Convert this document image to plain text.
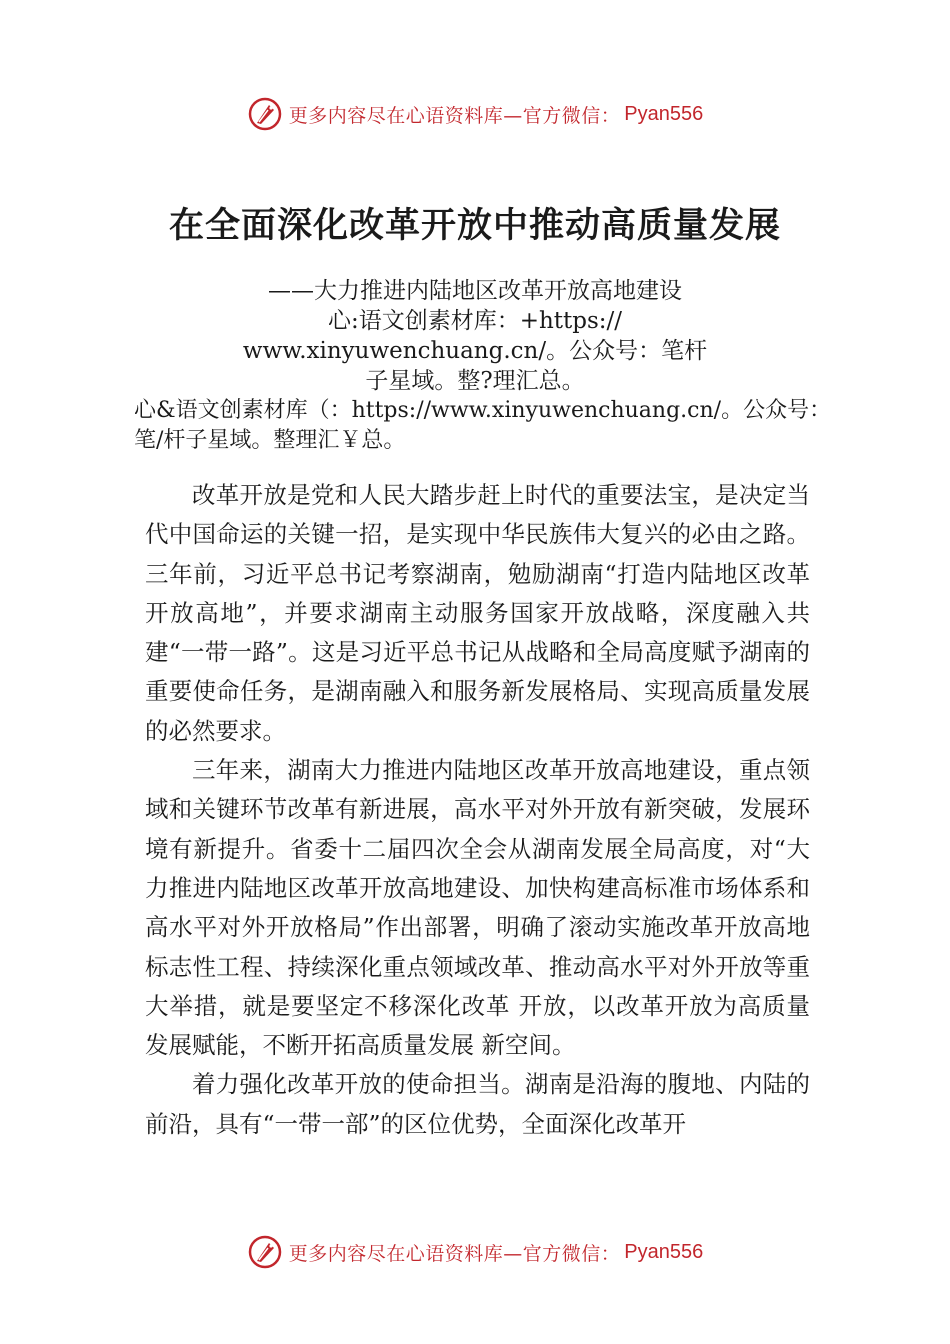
更多内容尽在心语资料库—官方微信： Pyan556
在全面深化改革开放中推动高质量发展
——大力推进内陆地区改革开放高地建设
心:语文创素材库：+https://
www.xinyuwenchuang.cn/。公众号：笔杆
子星域。整?理汇总。
心&语文创素材库（：https://www.xinyuwenchuang.cn/。公众号：笔/杆子星域。整理汇￥总。

改革开放是党和人民大踏步赶上时代的重要法宝，是决定当代中国命运的关键一招，是实现中华民族伟大复兴的必由之路。三年前，习近平总书记考察湖南，勉励湖南“打造内陆地区改革开放高地”，并要求湖南主动服务国家开放战略，深度融入共建“一带一路”。这是习近平总书记从战略和全局高度赋予湖南的重要使命任务，是湖南融入和服务新发展格局、实现高质量发展的必然要求。

三年来，湖南大力推进内陆地区改革开放高地建设，重点领域和关键环节改革有新进展，高水平对外开放有新突破，发展环境有新提升。省委十二届四次全会从湖南发展全局高度，对“大力推进内陆地区改革开放高地建设、加快构建高标准市场体系和高水平对外开放格局”作出部署，明确了滚动实施改革开放高地标志性工程、持续深化重点领域改革、推动高水平对外开放等重大举措，就是要坚定不移深化改革 开放，以改革开放为高质量发展赋能，不断开拓高质量发展 新空间。

着力强化改革开放的使命担当。湖南是沿海的腹地、内陆的前沿，具有“一带一部”的区位优势，全面深化改革开

更多内容尽在心语资料库—官方微信： Pyan556
